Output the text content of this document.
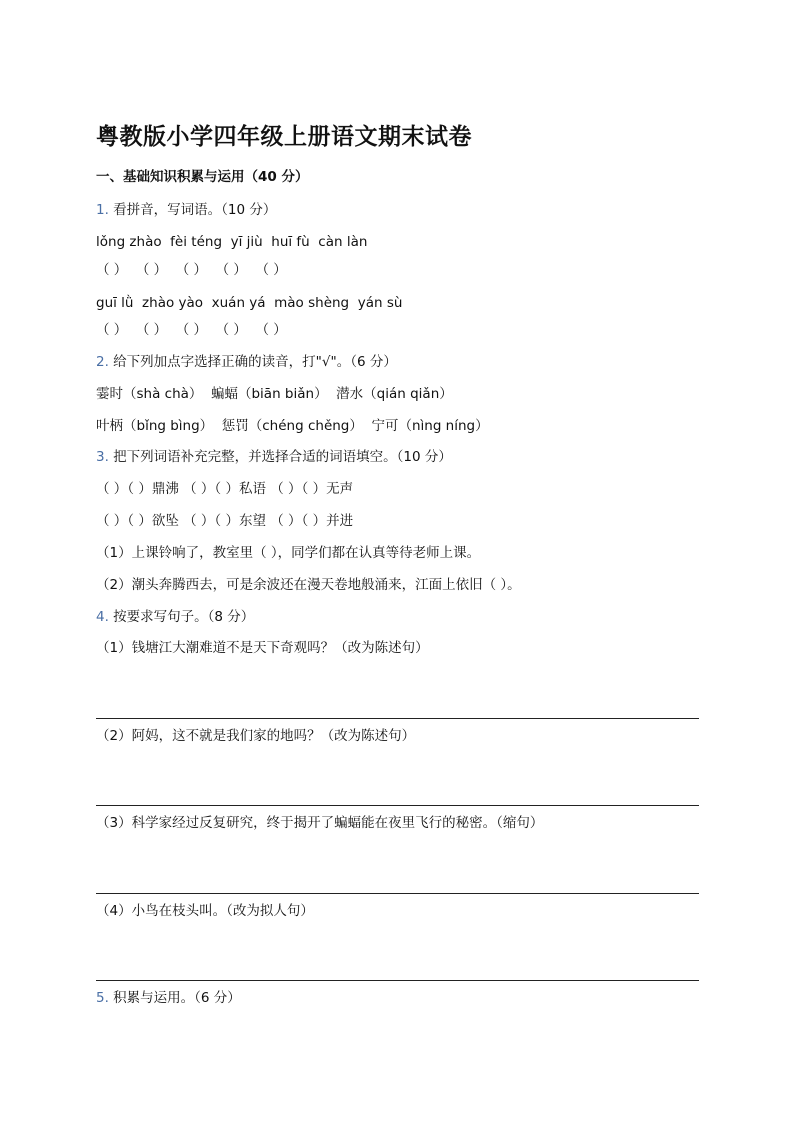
粤教版小学四年级上册语文期末试卷
一、基础知识积累与运用（40 分）
1. 看拼音，写词语。（10 分）
lǒng zhào  fèi téng  yī jiù  huī fù  càn làn
（ ）  （ ）  （ ）  （ ）  （ ）
guī lǜ  zhào yào  xuán yá  mào shèng  yán sù
（ ）  （ ）  （ ）  （ ）  （ ）
2. 给下列加点字选择正确的读音，打"√"。（6 分）
霎时（shà chà）  蝙蝠（biān biǎn）  潜水（qián qiǎn）
叶柄（bǐng bìng）  惩罚（chéng chěng）  宁可（nìng níng）
3. 把下列词语补充完整，并选择合适的词语填空。（10 分）
（ ）（ ）鼎沸 （ ）（ ）私语 （ ）（ ）无声
（ ）（ ）欲坠 （ ）（ ）东望 （ ）（ ）并进
（1）上课铃响了，教室里（ ），同学们都在认真等待老师上课。
（2）潮头奔腾西去，可是余波还在漫天卷地般涌来，江面上依旧（ ）。
4. 按要求写句子。（8 分）
（1）钱塘江大潮难道不是天下奇观吗？（改为陈述句）
（2）阿妈，这不就是我们家的地吗？（改为陈述句）
（3）科学家经过反复研究，终于揭开了蝙蝠能在夜里飞行的秘密。（缩句）
（4）小鸟在枝头叫。（改为拟人句）
5. 积累与运用。（6 分）
